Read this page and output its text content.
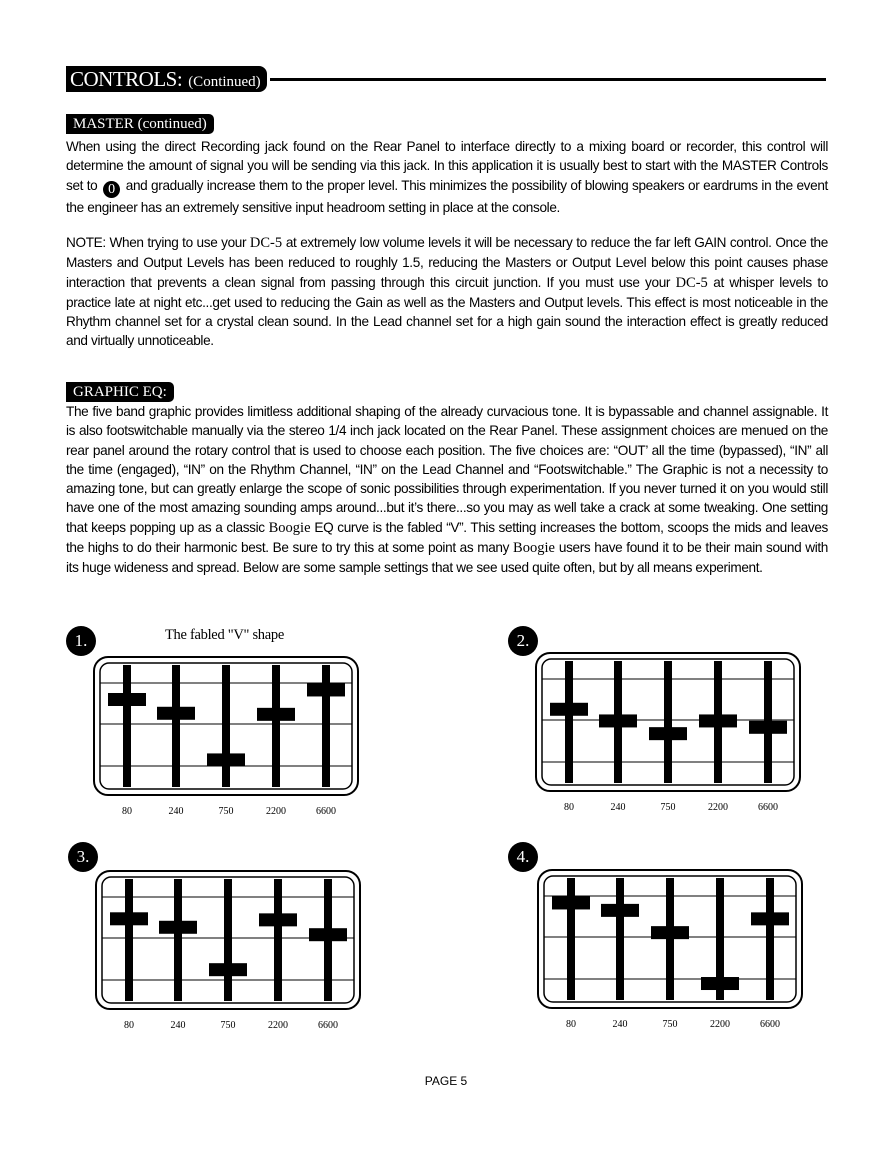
CONTROLS: (Continued)
MASTER (continued)
When using the direct Recording jack found on the Rear Panel to interface directly to a mixing board or recorder, this control will determine the amount of signal you will be sending via this jack. In this application it is usually best to start with the MASTER Controls set to 0 and gradually increase them to the proper level. This minimizes the possibility of blowing speakers or eardrums in the event the engineer has an extremely sensitive input headroom setting in place at the console.
NOTE: When trying to use your DC-5 at extremely low volume levels it will be necessary to reduce the far left GAIN control. Once the Masters and Output Levels has been reduced to roughly 1.5, reducing the Masters or Output Level below this point causes phase interaction that prevents a clean signal from passing through this circuit junction. If you must use your DC-5 at whisper levels to practice late at night etc...get used to reducing the Gain as well as the Masters and Output levels. This effect is most noticeable in the Rhythm channel set for a crystal clean sound. In the Lead channel set for a high gain sound the interaction effect is greatly reduced and virtually unnoticeable.
GRAPHIC EQ:
The five band graphic provides limitless additional shaping of the already curvacious tone. It is bypassable and channel assignable. It is also footswitchable manually via the stereo 1/4 inch jack located on the Rear Panel. These assignment choices are menued on the rear panel around the rotary control that is used to choose each position. The five choices are: “OUT’ all the time (bypassed), “IN” all the time (engaged), “IN” on the Rhythm Channel, “IN” on the Lead Channel and “Footswitchable.” The Graphic is not a necessity to amazing tone, but can greatly enlarge the scope of sonic possibilities through experimentation. If you never turned it on you would still have one of the most amazing sounding amps around...but it’s there...so you may as well take a crack at some tweaking. One setting that keeps popping up as a classic Boogie EQ curve is the fabled “V”. This setting increases the bottom, scoops the mids and leaves the highs to do their harmonic best. Be sure to try this at some point as many Boogie users have found it to be their main sound with its huge wideness and spread. Below are some sample settings that we see used quite often, but by all means experiment.
1.	The fabled "V" shape
80	240	750	2200	6600
2.
80	240	750	2200	6600
3.
80	240	750	2200	6600
4.
80	240	750	2200	6600
PAGE 5
